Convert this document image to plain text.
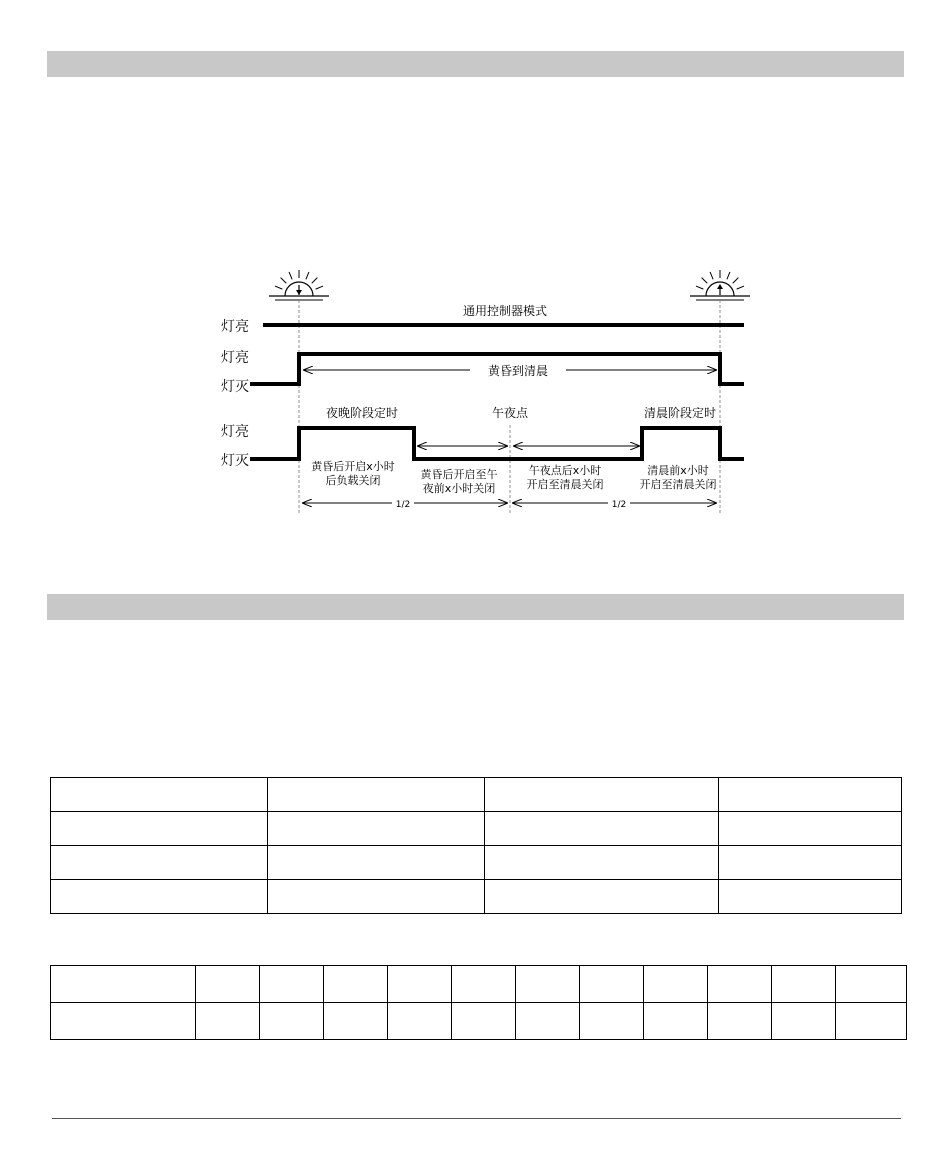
灯亮
通用控制器模式
灯亮
灯灭
黄昏到清晨
灯亮
灯灭
夜晚阶段定时	午夜点	清晨阶段定时
黄昏后开启x小时
后负载关闭	黄昏后开启至午
夜前x小时关闭
午夜点后x小时
开启至清晨关闭
清晨前x小时
开启至清晨关闭
1/2	1/2
